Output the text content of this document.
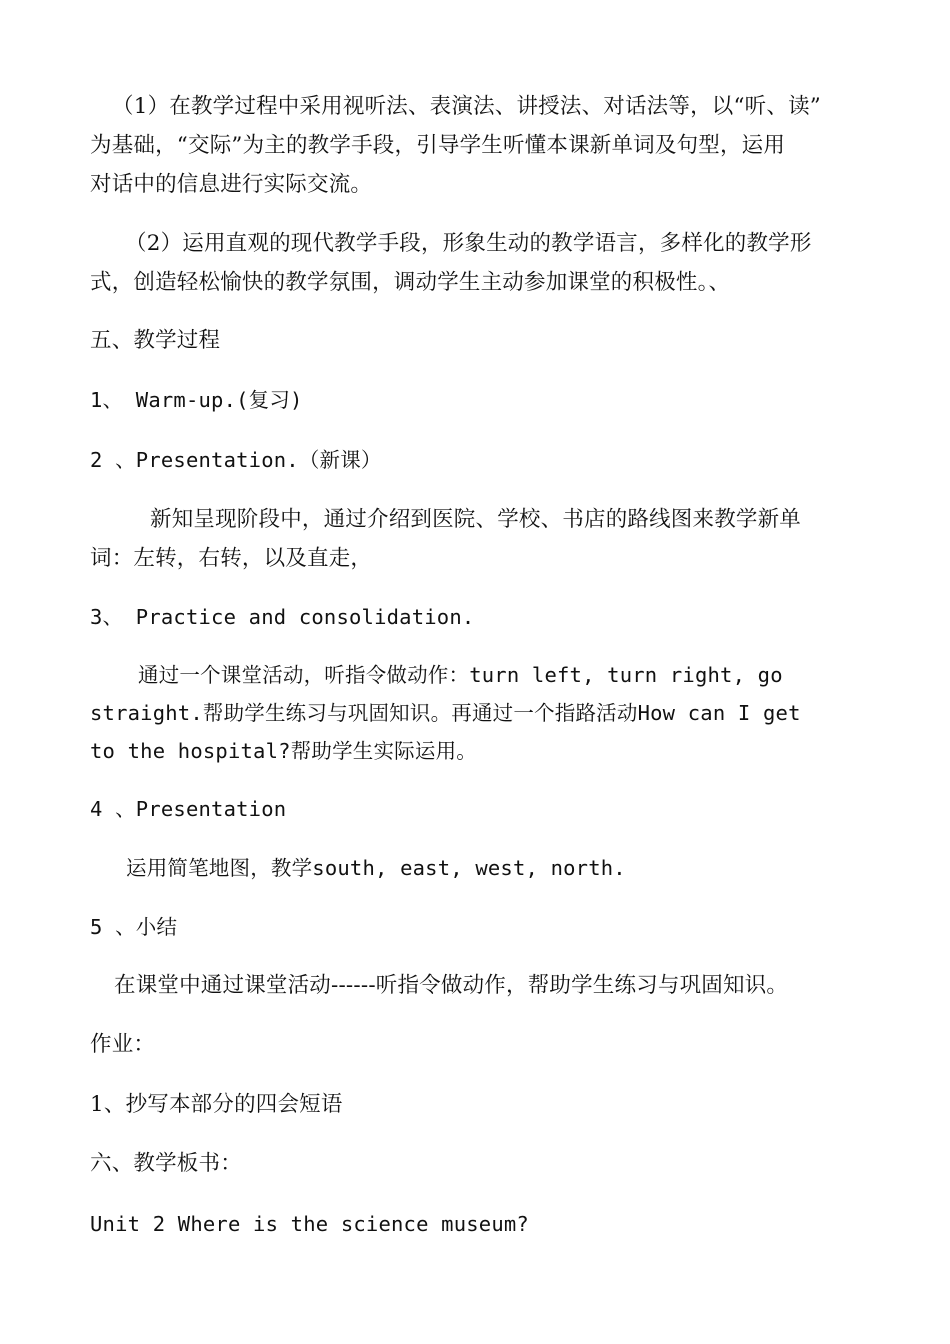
（1）在教学过程中采用视听法、表演法、讲授法、对话法等，以“听、读”
为基础，“交际”为主的教学手段，引导学生听懂本课新单词及句型，运用
对话中的信息进行实际交流。
（2）运用直观的现代教学手段，形象生动的教学语言，多样化的教学形
式，创造轻松愉快的教学氛围，调动学生主动参加课堂的积极性。、
五、教学过程
1、 Warm-up.(复习)
2 、Presentation.（新课）
新知呈现阶段中，通过介绍到医院、学校、书店的路线图来教学新单
词：左转，右转，以及直走，
3、 Practice and consolidation.
通过一个课堂活动，听指令做动作：turn left, turn right, go
straight.帮助学生练习与巩固知识。再通过一个指路活动How can I get
to the hospital?帮助学生实际运用。
4 、Presentation
运用简笔地图，教学south, east, west, north.
5 、小结
在课堂中通过课堂活动------听指令做动作，帮助学生练习与巩固知识。
作业：
1、抄写本部分的四会短语
六、教学板书：
Unit 2 Where is the science museum?
